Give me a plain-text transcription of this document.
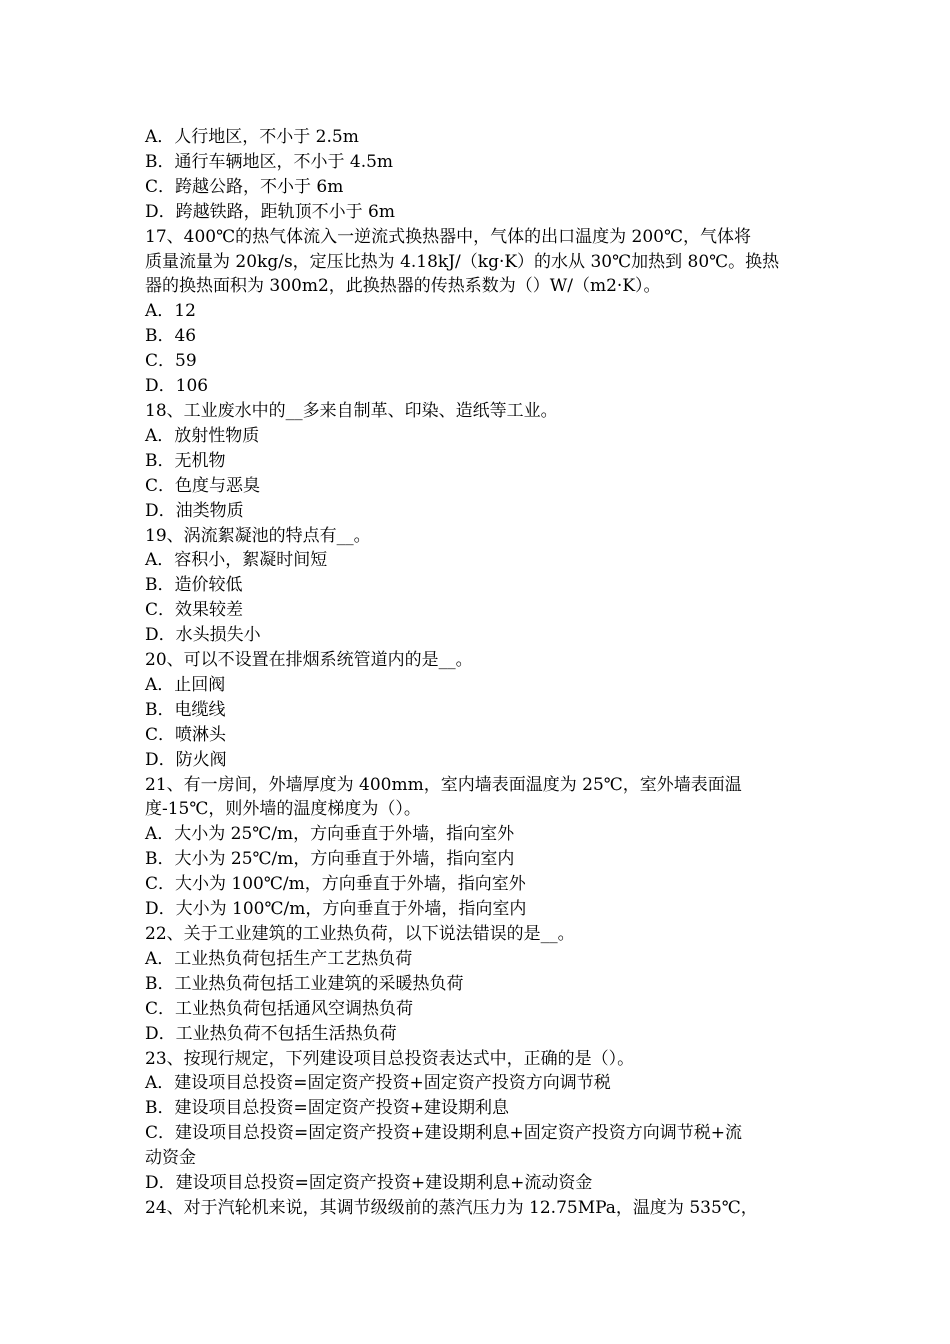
A．人行地区，不小于 2.5m
B．通行车辆地区，不小于 4.5m
C．跨越公路，不小于 6m
D．跨越铁路，距轨顶不小于 6m
17、400℃的热气体流入一逆流式换热器中，气体的出口温度为 200℃，气体将
质量流量为 20kg/s，定压比热为 4.18kJ/（kg·K）的水从 30℃加热到 80℃。换热
器的换热面积为 300m2，此换热器的传热系数为（）W/（m2·K）。
A．12
B．46
C．59
D．106
18、工业废水中的__多来自制革、印染、造纸等工业。
A．放射性物质
B．无机物
C．色度与恶臭
D．油类物质
19、涡流絮凝池的特点有__。
A．容积小，絮凝时间短
B．造价较低
C．效果较差
D．水头损失小
20、可以不设置在排烟系统管道内的是__。
A．止回阀
B．电缆线
C．喷淋头
D．防火阀
21、有一房间，外墙厚度为 400mm，室内墙表面温度为 25℃，室外墙表面温
度-15℃，则外墙的温度梯度为（）。
A．大小为 25℃/m，方向垂直于外墙，指向室外
B．大小为 25℃/m，方向垂直于外墙，指向室内
C．大小为 100℃/m，方向垂直于外墙，指向室外
D．大小为 100℃/m，方向垂直于外墙，指向室内
22、关于工业建筑的工业热负荷，以下说法错误的是__。
A．工业热负荷包括生产工艺热负荷
B．工业热负荷包括工业建筑的采暖热负荷
C．工业热负荷包括通风空调热负荷
D．工业热负荷不包括生活热负荷
23、按现行规定，下列建设项目总投资表达式中，正确的是（）。
A．建设项目总投资=固定资产投资+固定资产投资方向调节税
B．建设项目总投资=固定资产投资+建设期利息
C．建设项目总投资=固定资产投资+建设期利息+固定资产投资方向调节税+流
动资金
D．建设项目总投资=固定资产投资+建设期利息+流动资金
24、对于汽轮机来说，其调节级级前的蒸汽压力为 12.75MPa，温度为 535℃，
